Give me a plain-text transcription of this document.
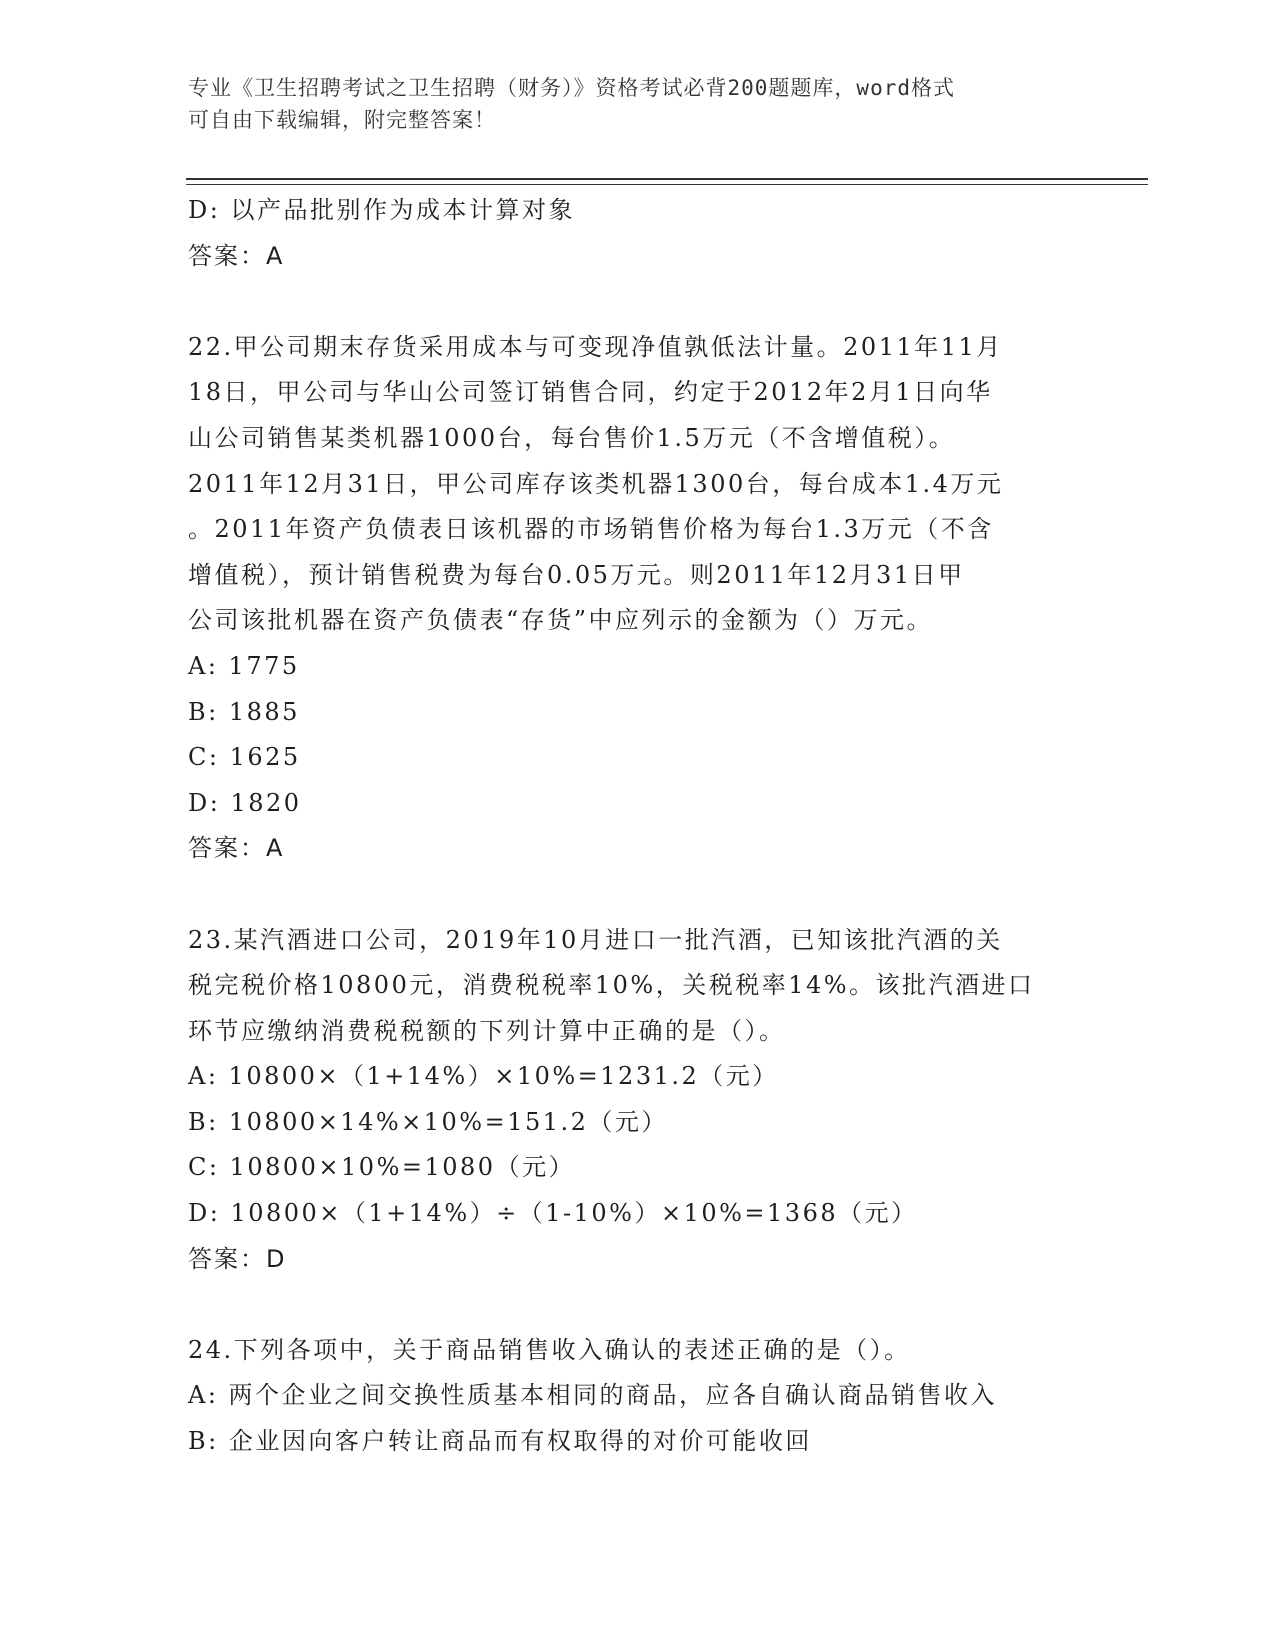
专业《卫生招聘考试之卫生招聘（财务）》资格考试必背200题题库，word格式
可自由下载编辑，附完整答案！
D: 以产品批别作为成本计算对象
答案：A
22.甲公司期末存货采用成本与可变现净值孰低法计量。2011年11月
18日，甲公司与华山公司签订销售合同，约定于2012年2月1日向华
山公司销售某类机器1000台，每台售价1.5万元（不含增值税）。
2011年12月31日，甲公司库存该类机器1300台，每台成本1.4万元
。2011年资产负债表日该机器的市场销售价格为每台1.3万元（不含
增值税），预计销售税费为每台0.05万元。则2011年12月31日甲
公司该批机器在资产负债表“存货”中应列示的金额为（）万元。
A: 1775
B: 1885
C: 1625
D: 1820
答案：A
23.某汽酒进口公司，2019年10月进口一批汽酒，已知该批汽酒的关
税完税价格10800元，消费税税率10%，关税税率14%。该批汽酒进口
环节应缴纳消费税税额的下列计算中正确的是（）。
A: 10800×（1+14%）×10%=1231.2（元）
B: 10800×14%×10%=151.2（元）
C: 10800×10%=1080（元）
D: 10800×（1+14%）÷（1-10%）×10%=1368（元）
答案：D
24.下列各项中，关于商品销售收入确认的表述正确的是（）。
A: 两个企业之间交换性质基本相同的商品，应各自确认商品销售收入
B: 企业因向客户转让商品而有权取得的对价可能收回
